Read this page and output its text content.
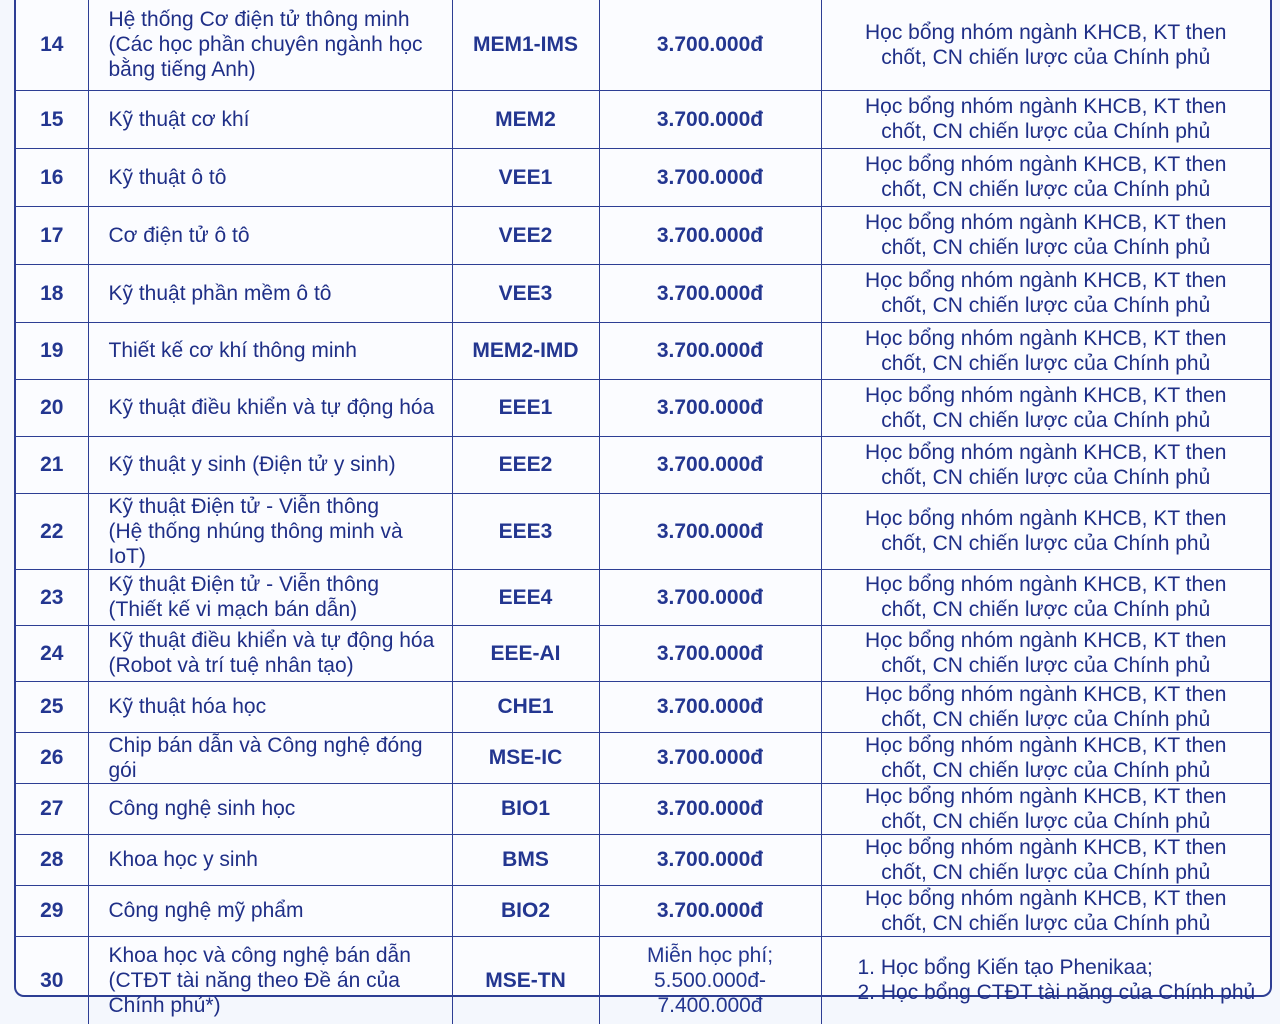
14	Hệ thống Cơ điện tử thông minh
(Các học phần chuyên ngành học
bằng tiếng Anh)	MEM1-IMS	3.700.000đ	Học bổng nhóm ngành KHCB, KT then
chốt, CN chiến lược của Chính phủ

15	Kỹ thuật cơ khí	MEM2	3.700.000đ	Học bổng nhóm ngành KHCB, KT then
chốt, CN chiến lược của Chính phủ

16	Kỹ thuật ô tô	VEE1	3.700.000đ	Học bổng nhóm ngành KHCB, KT then
chốt, CN chiến lược của Chính phủ

17	Cơ điện tử ô tô	VEE2	3.700.000đ	Học bổng nhóm ngành KHCB, KT then
chốt, CN chiến lược của Chính phủ

18	Kỹ thuật phần mềm ô tô	VEE3	3.700.000đ	Học bổng nhóm ngành KHCB, KT then
chốt, CN chiến lược của Chính phủ

19	Thiết kế cơ khí thông minh	MEM2-IMD	3.700.000đ	Học bổng nhóm ngành KHCB, KT then
chốt, CN chiến lược của Chính phủ

20	Kỹ thuật điều khiển và tự động hóa	EEE1	3.700.000đ	Học bổng nhóm ngành KHCB, KT then
chốt, CN chiến lược của Chính phủ

21	Kỹ thuật y sinh (Điện tử y sinh)	EEE2	3.700.000đ	Học bổng nhóm ngành KHCB, KT then
chốt, CN chiến lược của Chính phủ

22	Kỹ thuật Điện tử - Viễn thông
(Hệ thống nhúng thông minh và IoT)	EEE3	3.700.000đ	Học bổng nhóm ngành KHCB, KT then
chốt, CN chiến lược của Chính phủ

23	Kỹ thuật Điện tử - Viễn thông
(Thiết kế vi mạch bán dẫn)	EEE4	3.700.000đ	Học bổng nhóm ngành KHCB, KT then
chốt, CN chiến lược của Chính phủ

24	Kỹ thuật điều khiển và tự động hóa
(Robot và trí tuệ nhân tạo)	EEE-AI	3.700.000đ	Học bổng nhóm ngành KHCB, KT then
chốt, CN chiến lược của Chính phủ

25	Kỹ thuật hóa học	CHE1	3.700.000đ	Học bổng nhóm ngành KHCB, KT then
chốt, CN chiến lược của Chính phủ

26	Chip bán dẫn và Công nghệ đóng gói	MSE-IC	3.700.000đ	Học bổng nhóm ngành KHCB, KT then
chốt, CN chiến lược của Chính phủ

27	Công nghệ sinh học	BIO1	3.700.000đ	Học bổng nhóm ngành KHCB, KT then
chốt, CN chiến lược của Chính phủ

28	Khoa học y sinh	BMS	3.700.000đ	Học bổng nhóm ngành KHCB, KT then
chốt, CN chiến lược của Chính phủ

29	Công nghệ mỹ phẩm	BIO2	3.700.000đ	Học bổng nhóm ngành KHCB, KT then
chốt, CN chiến lược của Chính phủ

30	Khoa học và công nghệ bán dẫn
(CTĐT tài năng theo Đề án của
Chính phủ*)	MSE-TN	Miễn học phí;
5.500.000đ-
7.400.000đ	1. Học bổng Kiến tạo Phenikaa;
2. Học bổng CTĐT tài năng của Chính phủ
